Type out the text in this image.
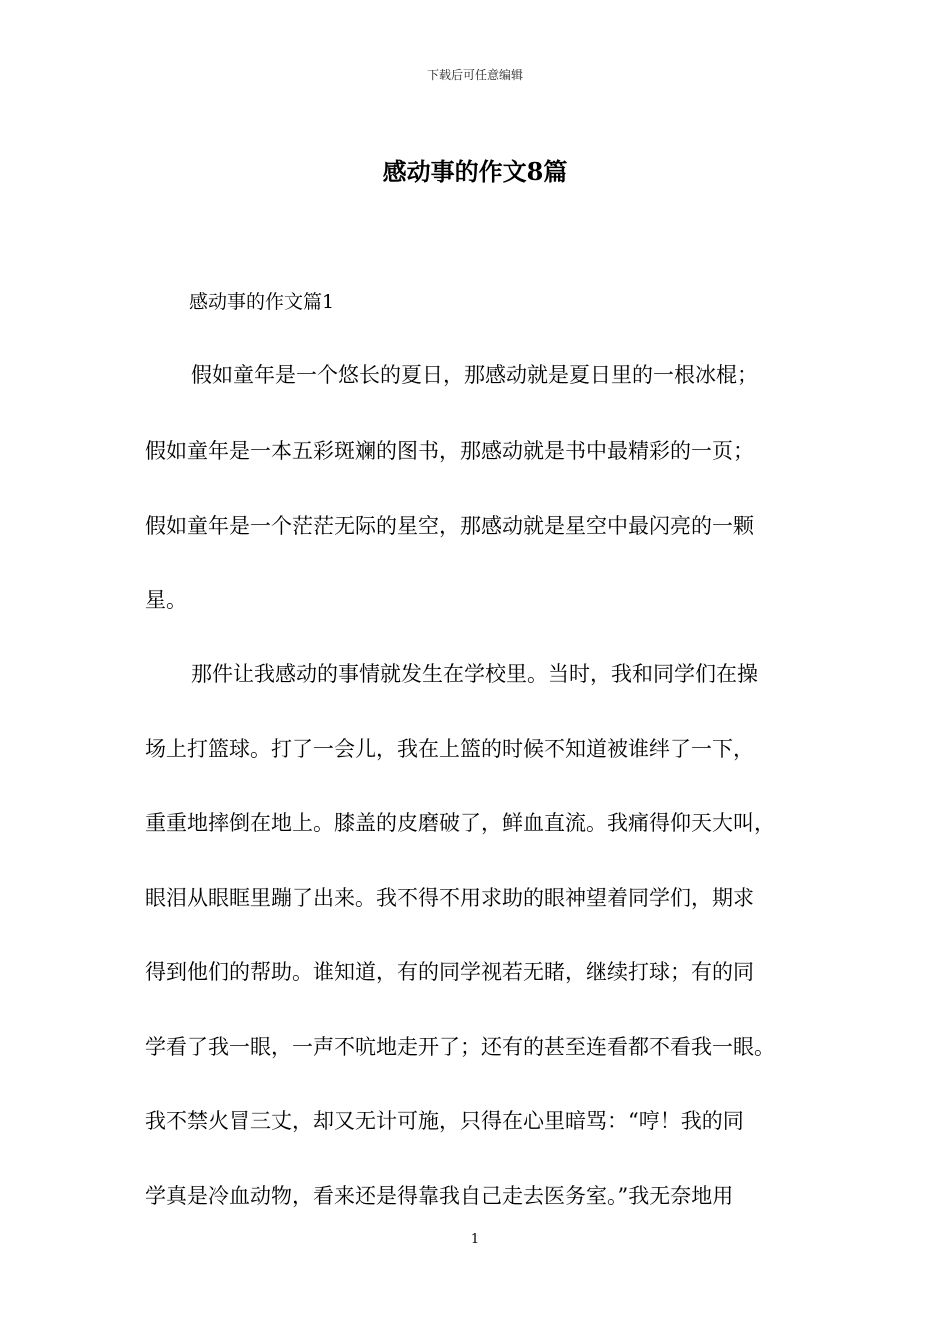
下载后可任意编辑
感动事的作文8篇

感动事的作文篇1

假如童年是一个悠长的夏日，那感动就是夏日里的一根冰棍；

假如童年是一本五彩斑斓的图书，那感动就是书中最精彩的一页；

假如童年是一个茫茫无际的星空，那感动就是星空中最闪亮的一颗

星。

那件让我感动的事情就发生在学校里。当时，我和同学们在操

场上打篮球。打了一会儿，我在上篮的时候不知道被谁绊了一下，

重重地摔倒在地上。膝盖的皮磨破了，鲜血直流。我痛得仰天大叫，

眼泪从眼眶里蹦了出来。我不得不用求助的眼神望着同学们，期求

得到他们的帮助。谁知道，有的同学视若无睹，继续打球；有的同

学看了我一眼，一声不吭地走开了；还有的甚至连看都不看我一眼。

我不禁火冒三丈，却又无计可施，只得在心里暗骂：“哼！我的同

学真是冷血动物，看来还是得靠我自己走去医务室。”我无奈地用

1
